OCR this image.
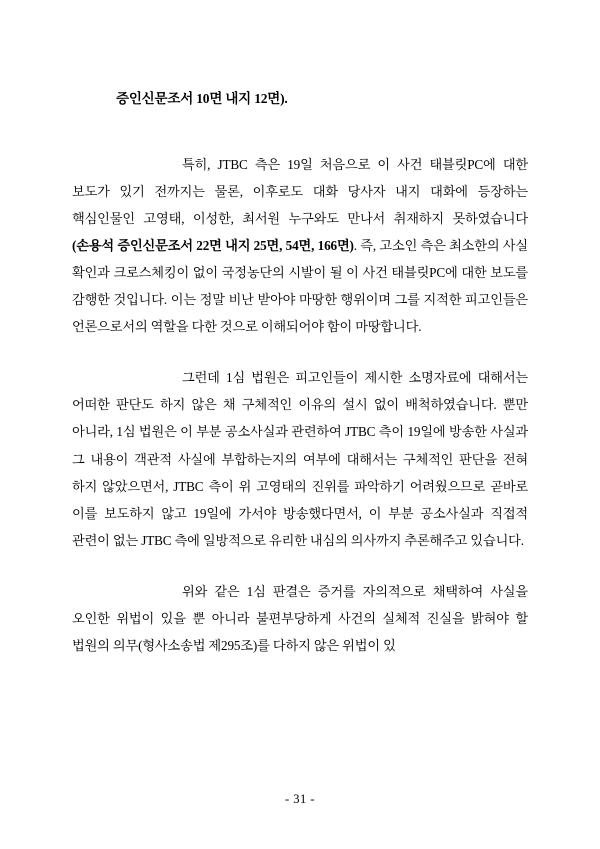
증인신문조서 10면 내지 12면).
특히, JTBC 측은 19일 처음으로 이 사건 태블릿PC에 대한 보도가 있기 전까지는 물론, 이후로도 대화 당사자 내지 대화에 등장하는 핵심인물인 고영태, 이성한, 최서원 누구와도 만나서 취재하지 못하였습니다(손용석 증인신문조서 22면 내지 25면, 54면, 166면). 즉, 고소인 측은 최소한의 사실 확인과 크로스체킹이 없이 국정농단의 시발이 될 이 사건 태블릿PC에 대한 보도를 감행한 것입니다. 이는 정말 비난 받아야 마땅한 행위이며 그를 지적한 피고인들은 언론으로서의 역할을 다한 것으로 이해되어야 함이 마땅합니다.
그런데 1심 법원은 피고인들이 제시한 소명자료에 대해서는 어떠한 판단도 하지 않은 채 구체적인 이유의 설시 없이 배척하였습니다. 뿐만 아니라, 1심 법원은 이 부분 공소사실과 관련하여 JTBC 측이 19일에 방송한 사실과 그 내용이 객관적 사실에 부합하는지의 여부에 대해서는 구체적인 판단을 전혀 하지 않았으면서, JTBC 측이 위 고영태의 진위를 파악하기 어려웠으므로 곧바로 이를 보도하지 않고 19일에 가서야 방송했다면서, 이 부분 공소사실과 직접적 관련이 없는 JTBC 측에 일방적으로 유리한 내심의 의사까지 추론해주고 있습니다.
위와 같은 1심 판결은 증거를 자의적으로 채택하여 사실을 오인한 위법이 있을 뿐 아니라 불편부당하게 사건의 실체적 진실을 밝혀야 할 법원의 의무(형사소송법 제295조)를 다하지 않은 위법이 있
- 31 -
